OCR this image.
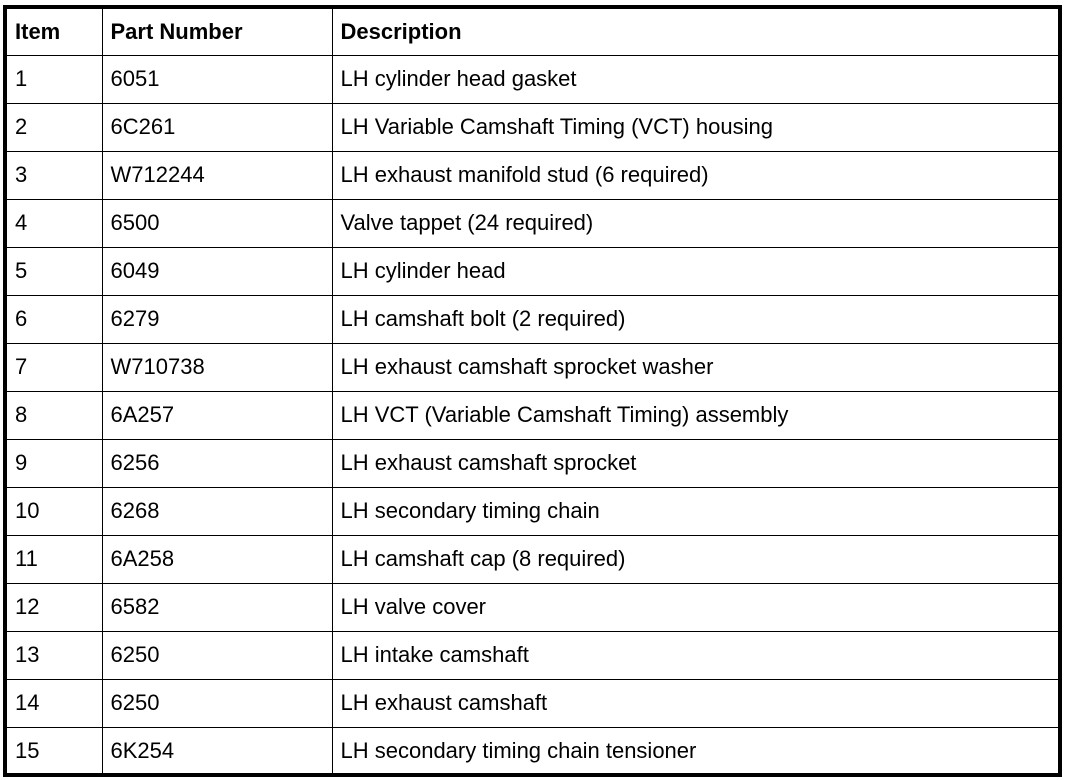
Item	Part Number	Description
1	6051	LH cylinder head gasket
2	6C261	LH Variable Camshaft Timing (VCT) housing
3	W712244	LH exhaust manifold stud (6 required)
4	6500	Valve tappet (24 required)
5	6049	LH cylinder head
6	6279	LH camshaft bolt (2 required)
7	W710738	LH exhaust camshaft sprocket washer
8	6A257	LH VCT (Variable Camshaft Timing) assembly
9	6256	LH exhaust camshaft sprocket
10	6268	LH secondary timing chain
11	6A258	LH camshaft cap (8 required)
12	6582	LH valve cover
13	6250	LH intake camshaft
14	6250	LH exhaust camshaft
15	6K254	LH secondary timing chain tensioner
